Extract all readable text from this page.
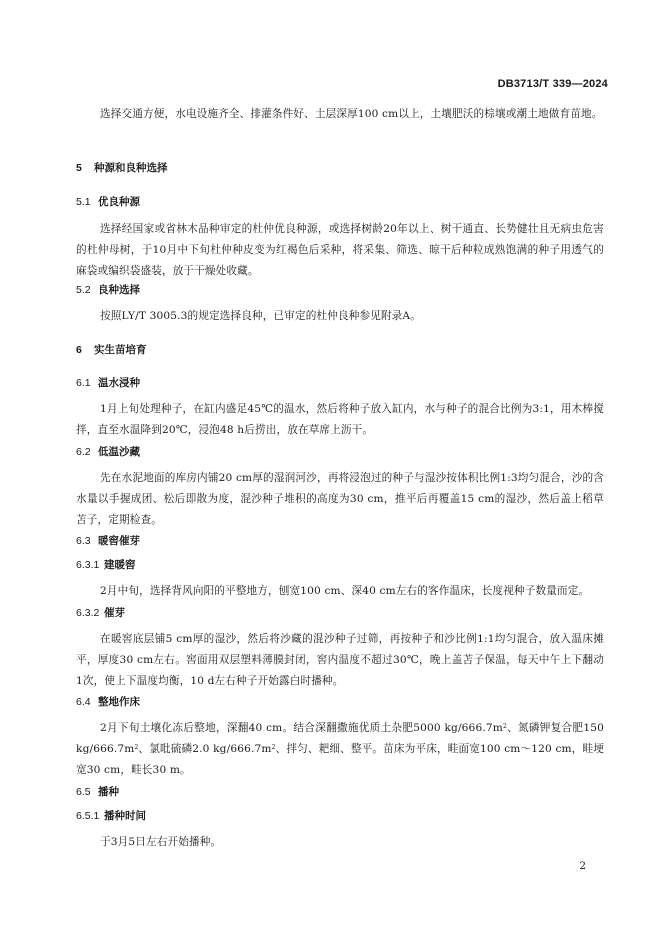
DB3713/T 339—2024

选择交通方便，水电设施齐全、排灌条件好、土层深厚100 cm以上，土壤肥沃的棕壤或潮土地做育苗地。

5 种源和良种选择
5.1 优良种源

选择经国家或省林木品种审定的杜仲优良种源，或选择树龄20年以上、树干通直、长势健壮且无病虫危害的杜仲母树，于10月中下旬杜仲种皮变为红褐色后采种，将采集、筛选、晾干后种粒成熟饱满的种子用透气的麻袋或编织袋盛装，放于干燥处收藏。

5.2 良种选择

按照LY/T 3005.3的规定选择良种，已审定的杜仲良种参见附录A。

6 实生苗培育
6.1 温水浸种

1月上旬处理种子，在缸内盛足45℃的温水，然后将种子放入缸内，水与种子的混合比例为3:1，用木棒搅拌，直至水温降到20℃，浸泡48 h后捞出，放在草席上沥干。

6.2 低温沙藏

先在水泥地面的库房内铺20 cm厚的湿润河沙，再将浸泡过的种子与湿沙按体积比例1:3均匀混合，沙的含水量以手握成团、松后即散为度，混沙种子堆积的高度为30 cm，推平后再覆盖15 cm的湿沙，然后盖上稻草苫子，定期检查。

6.3 暖窖催芽
6.3.1 建暖窖

2月中旬，选择背风向阳的平整地方，刨宽100 cm、深40 cm左右的客作温床，长度视种子数量而定。

6.3.2 催芽

在暖窖底层铺5 cm厚的湿沙，然后将沙藏的混沙种子过筛，再按种子和沙比例1:1均匀混合，放入温床摊平，厚度30 cm左右。窖面用双层塑料薄膜封闭，窖内温度不超过30℃，晚上盖苫子保温，每天中午上下翻动1次，使上下温度均衡，10 d左右种子开始露白时播种。

6.4 整地作床

2月下旬土壤化冻后整地，深翻40 cm。结合深翻撒施优质土杂肥5000 $kg/666.7m^2$、氮磷钾复合肥150 $kg/666.7m^2$、氯吡硫磷2.0 $kg/666.7m^2$、拌匀、耙细、整平。苗床为平床，畦面宽100 cm～120 cm，畦埂宽30 cm，畦长30 m。

6.5 播种
6.5.1 播种时间

于3月5日左右开始播种。

2
